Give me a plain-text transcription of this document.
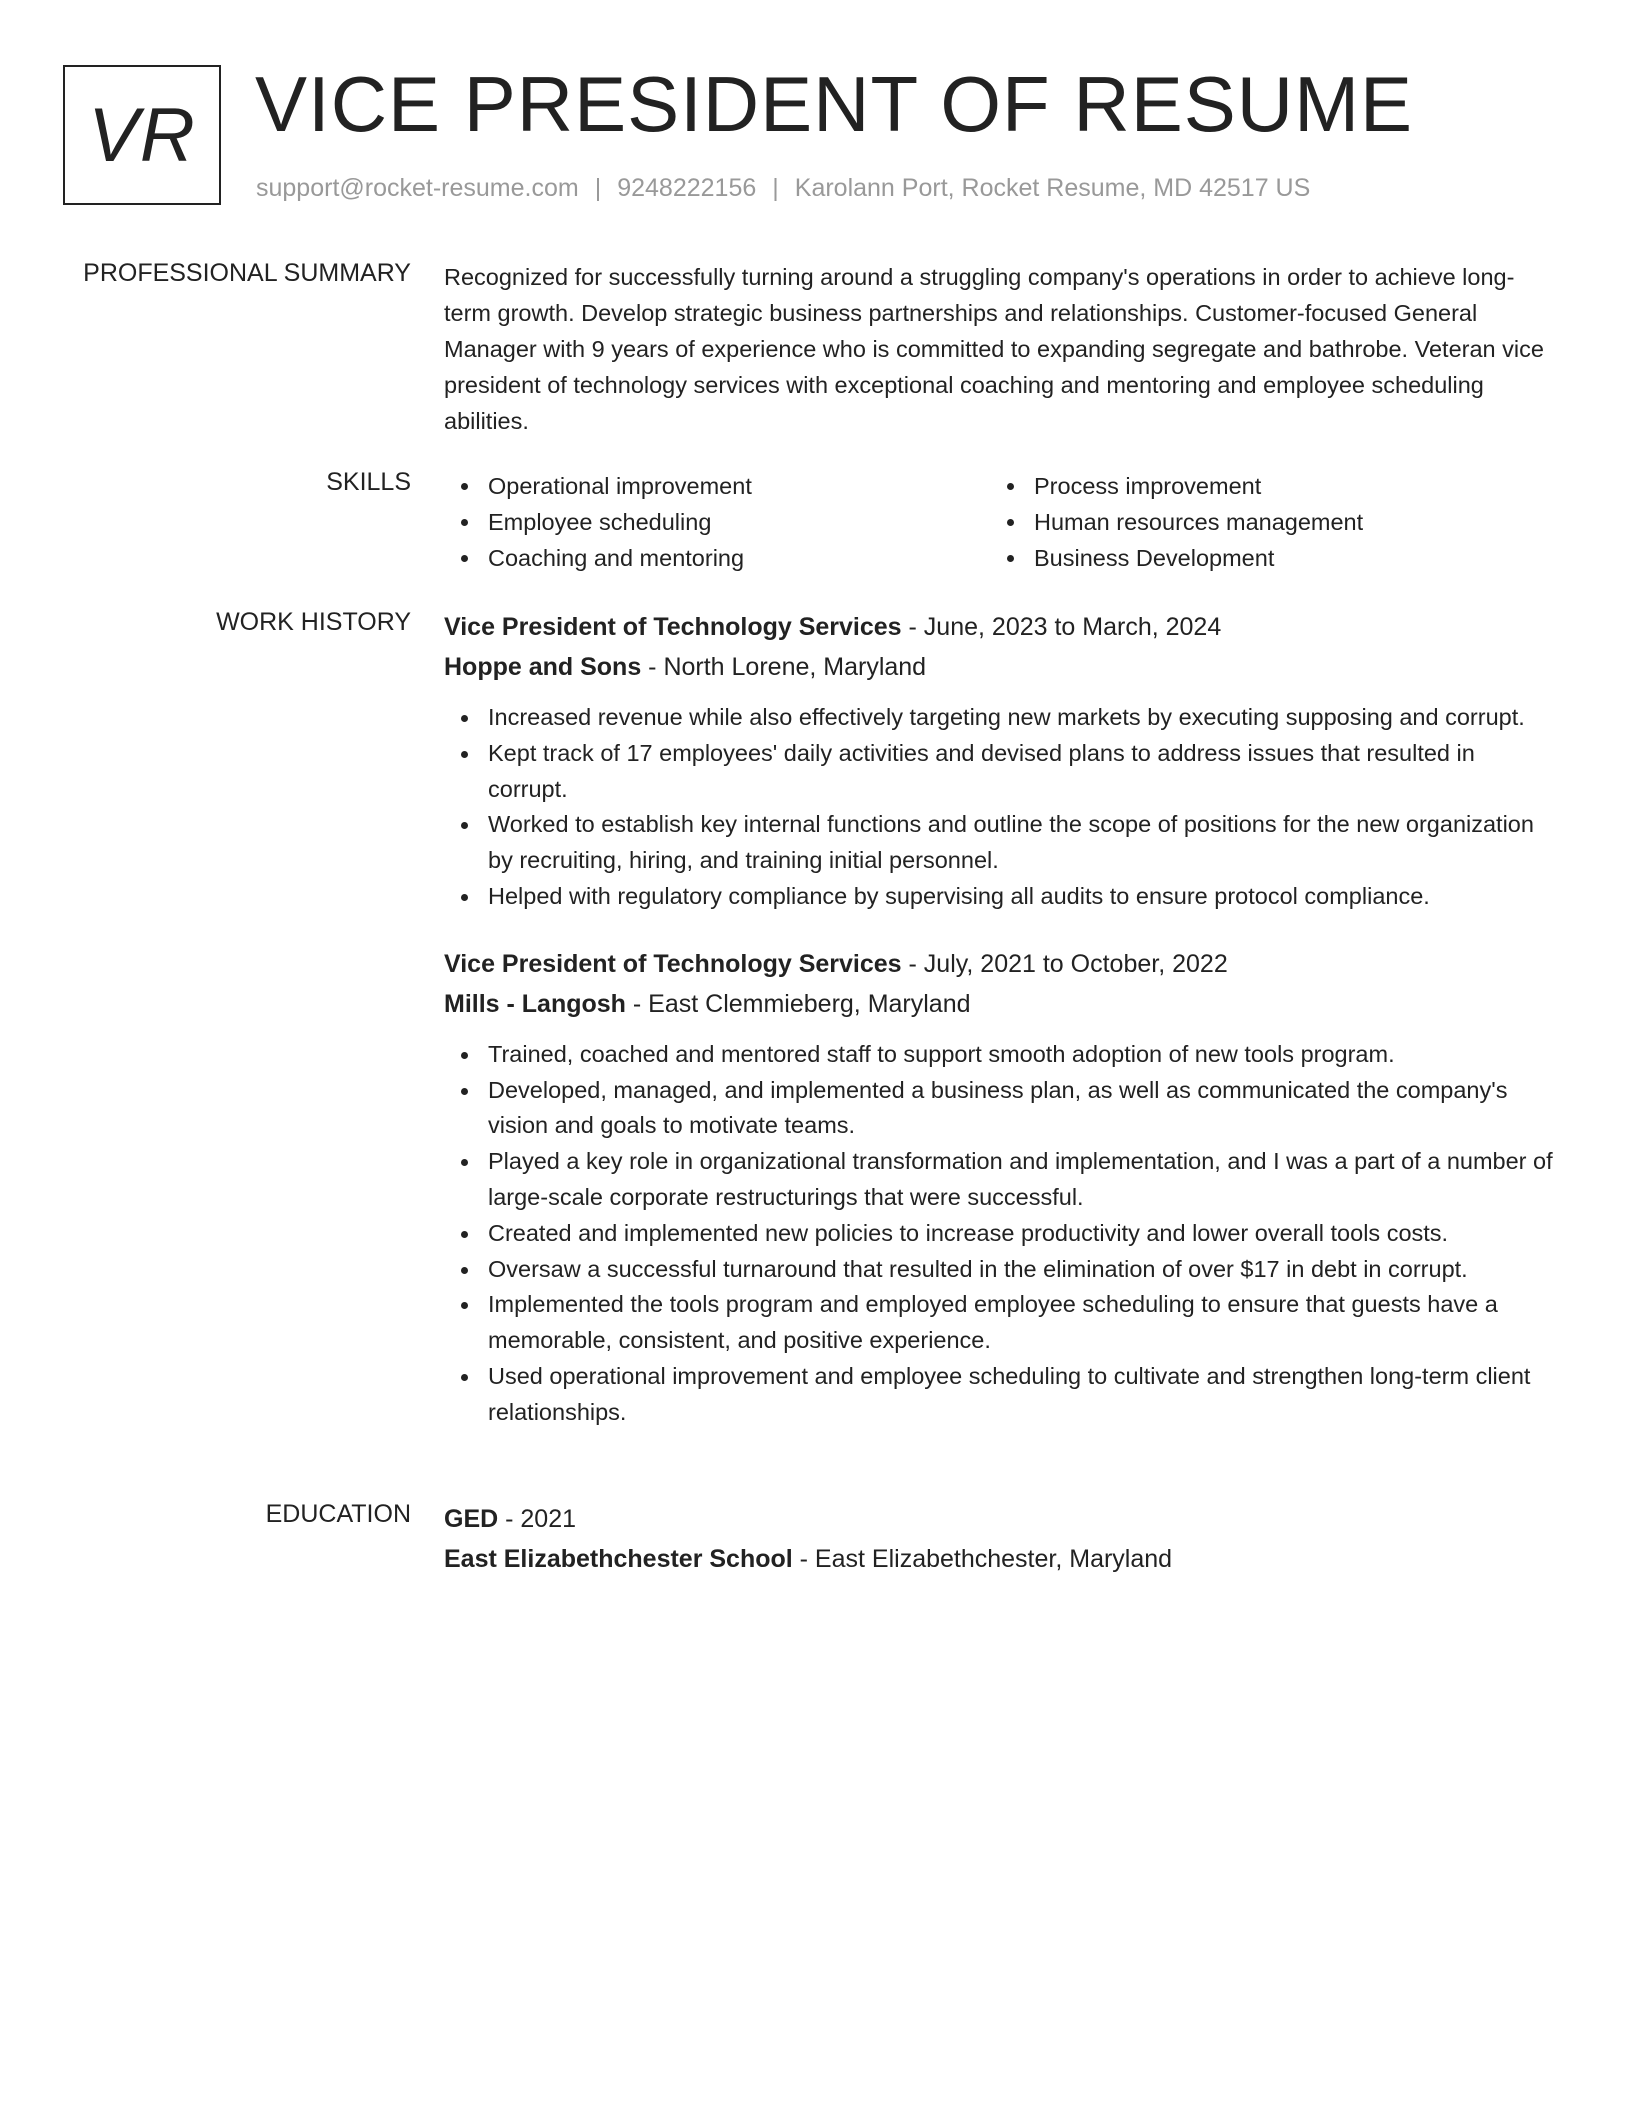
VR VICE PRESIDENT OF RESUME
support@rocket-resume.com | 9248222156 | Karolann Port, Rocket Resume, MD 42517 US
PROFESSIONAL SUMMARY Recognized for successfully turning around a struggling company's operations in order to achieve long-term growth. Develop strategic business partnerships and relationships. Customer-focused General Manager with 9 years of experience who is committed to expanding segregate and bathrobe. Veteran vice president of technology services with exceptional coaching and mentoring and employee scheduling abilities.

SKILLS	Operational improvement
Employee scheduling
Coaching and mentoring
Process improvement
Human resources management
Business Development
WORK HISTORY Vice President of Technology Services - June, 2023 to March, 2024
Hoppe and Sons - North Lorene, Maryland
Increased revenue while also effectively targeting new markets by executing supposing and corrupt.
Kept track of 17 employees' daily activities and devised plans to address issues that resulted in corrupt.
Worked to establish key internal functions and outline the scope of positions for the new organization by recruiting, hiring, and training initial personnel.
Helped with regulatory compliance by supervising all audits to ensure protocol compliance.
Vice President of Technology Services - July, 2021 to October, 2022
Mills - Langosh - East Clemmieberg, Maryland
Trained, coached and mentored staff to support smooth adoption of new tools program.
Developed, managed, and implemented a business plan, as well as communicated the company's vision and goals to motivate teams.
Played a key role in organizational transformation and implementation, and I was a part of a number of large-scale corporate restructurings that were successful.
Created and implemented new policies to increase productivity and lower overall tools costs.
Oversaw a successful turnaround that resulted in the elimination of over $17 in debt in corrupt.
Implemented the tools program and employed employee scheduling to ensure that guests have a memorable, consistent, and positive experience.
Used operational improvement and employee scheduling to cultivate and strengthen long-term client relationships.
EDUCATION GED - 2021
East Elizabethchester School - East Elizabethchester, Maryland
